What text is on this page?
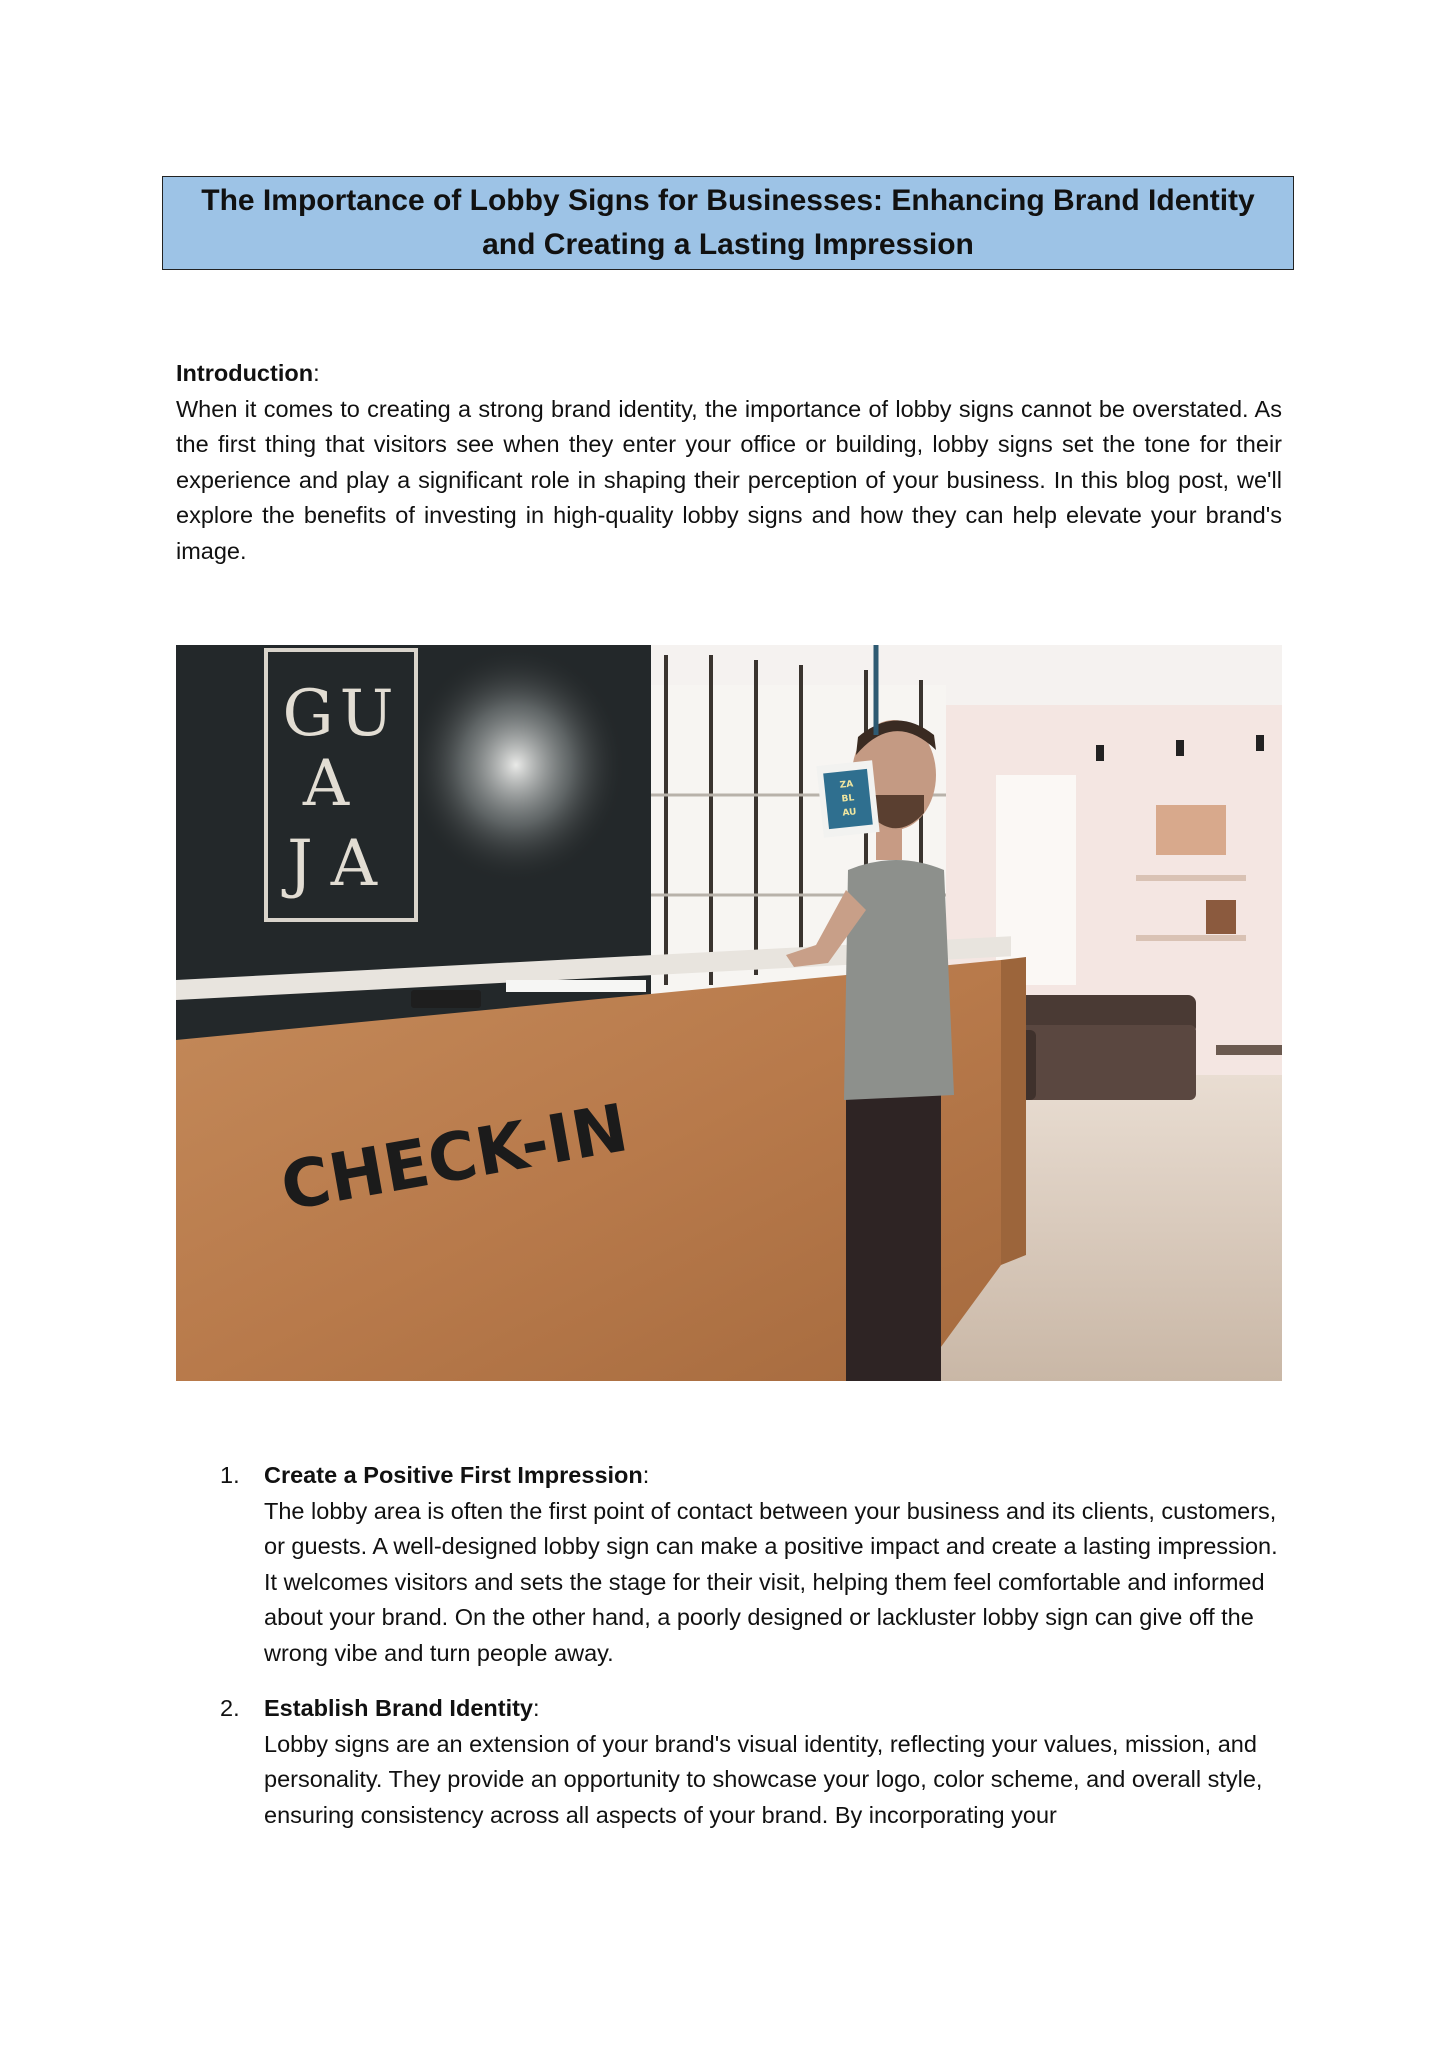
The Importance of Lobby Signs for Businesses: Enhancing Brand Identity and Creating a Lasting Impression
Introduction:

When it comes to creating a strong brand identity, the importance of lobby signs cannot be overstated. As the first thing that visitors see when they enter your office or building, lobby signs set the tone for their experience and play a significant role in shaping their perception of your business. In this blog post, we'll explore the benefits of investing in high-quality lobby signs and how they can help elevate your brand's image.

GU
A
JA
CHECK-IN
ZA
BL
AU
1. Create a Positive First Impression:

The lobby area is often the first point of contact between your business and its clients, customers, or guests. A well-designed lobby sign can make a positive impact and create a lasting impression. It welcomes visitors and sets the stage for their visit, helping them feel comfortable and informed about your brand. On the other hand, a poorly designed or lackluster lobby sign can give off the wrong vibe and turn people away.

2. Establish Brand Identity:

Lobby signs are an extension of your brand's visual identity, reflecting your values, mission, and personality. They provide an opportunity to showcase your logo, color scheme, and overall style, ensuring consistency across all aspects of your brand. By incorporating your
